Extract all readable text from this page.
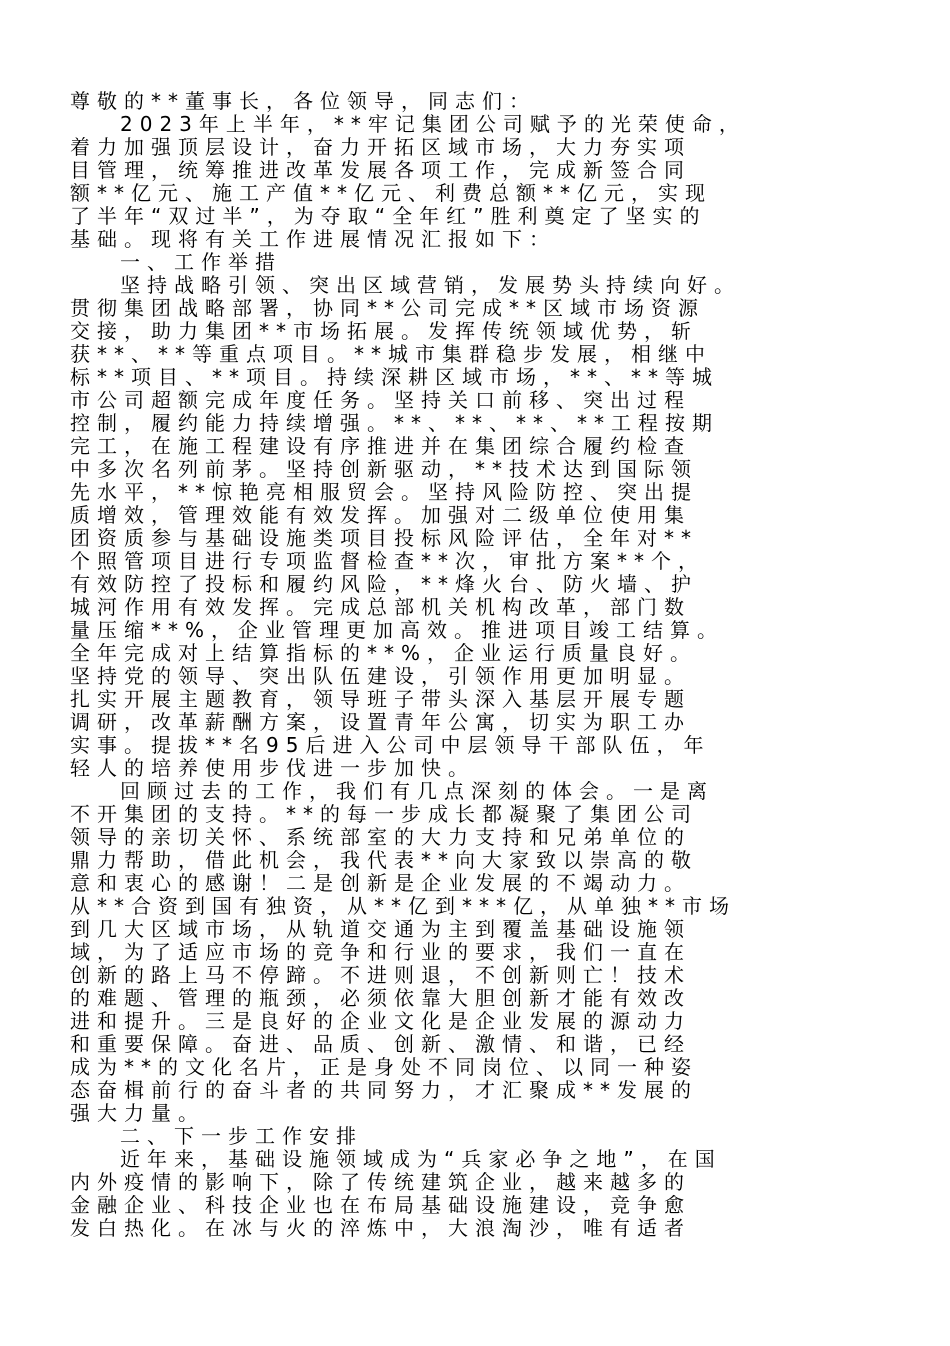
尊敬的**董事长，各位领导，同志们：
2023年上半年，**牢记集团公司赋予的光荣使命，
着力加强顶层设计，奋力开拓区域市场，大力夯实项
目管理，统筹推进改革发展各项工作，完成新签合同
额**亿元、施工产值**亿元、利费总额**亿元，实现
了半年“双过半”，为夺取“全年红”胜利奠定了坚实的
基础。现将有关工作进展情况汇报如下：
一、工作举措
坚持战略引领、突出区域营销，发展势头持续向好。
贯彻集团战略部署，协同**公司完成**区域市场资源
交接，助力集团**市场拓展。发挥传统领域优势，斩
获**、**等重点项目。**城市集群稳步发展，相继中
标**项目、**项目。持续深耕区域市场，**、**等城
市公司超额完成年度任务。坚持关口前移、突出过程
控制，履约能力持续增强。**、**、**、**工程按期
完工，在施工程建设有序推进并在集团综合履约检查
中多次名列前茅。坚持创新驱动，**技术达到国际领
先水平，**惊艳亮相服贸会。坚持风险防控、突出提
质增效，管理效能有效发挥。加强对二级单位使用集
团资质参与基础设施类项目投标风险评估，全年对**
个照管项目进行专项监督检查**次，审批方案**个，
有效防控了投标和履约风险，**烽火台、防火墙、护
城河作用有效发挥。完成总部机关机构改革，部门数
量压缩**%，企业管理更加高效。推进项目竣工结算。
全年完成对上结算指标的**%，企业运行质量良好。
坚持党的领导、突出队伍建设，引领作用更加明显。
扎实开展主题教育，领导班子带头深入基层开展专题
调研，改革薪酬方案，设置青年公寓，切实为职工办
实事。提拔**名95后进入公司中层领导干部队伍，年
轻人的培养使用步伐进一步加快。
回顾过去的工作，我们有几点深刻的体会。一是离
不开集团的支持。**的每一步成长都凝聚了集团公司
领导的亲切关怀、系统部室的大力支持和兄弟单位的
鼎力帮助，借此机会，我代表**向大家致以崇高的敬
意和衷心的感谢！二是创新是企业发展的不竭动力。
从**合资到国有独资，从**亿到***亿，从单独**市场
到几大区域市场，从轨道交通为主到覆盖基础设施领
域，为了适应市场的竞争和行业的要求，我们一直在
创新的路上马不停蹄。不进则退，不创新则亡！技术
的难题、管理的瓶颈，必须依靠大胆创新才能有效改
进和提升。三是良好的企业文化是企业发展的源动力
和重要保障。奋进、品质、创新、激情、和谐，已经
成为**的文化名片，正是身处不同岗位、以同一种姿
态奋楫前行的奋斗者的共同努力，才汇聚成**发展的
强大力量。
二、下一步工作安排
近年来，基础设施领域成为“兵家必争之地”，在国
内外疫情的影响下，除了传统建筑企业，越来越多的
金融企业、科技企业也在布局基础设施建设，竞争愈
发白热化。在冰与火的淬炼中，大浪淘沙，唯有适者
